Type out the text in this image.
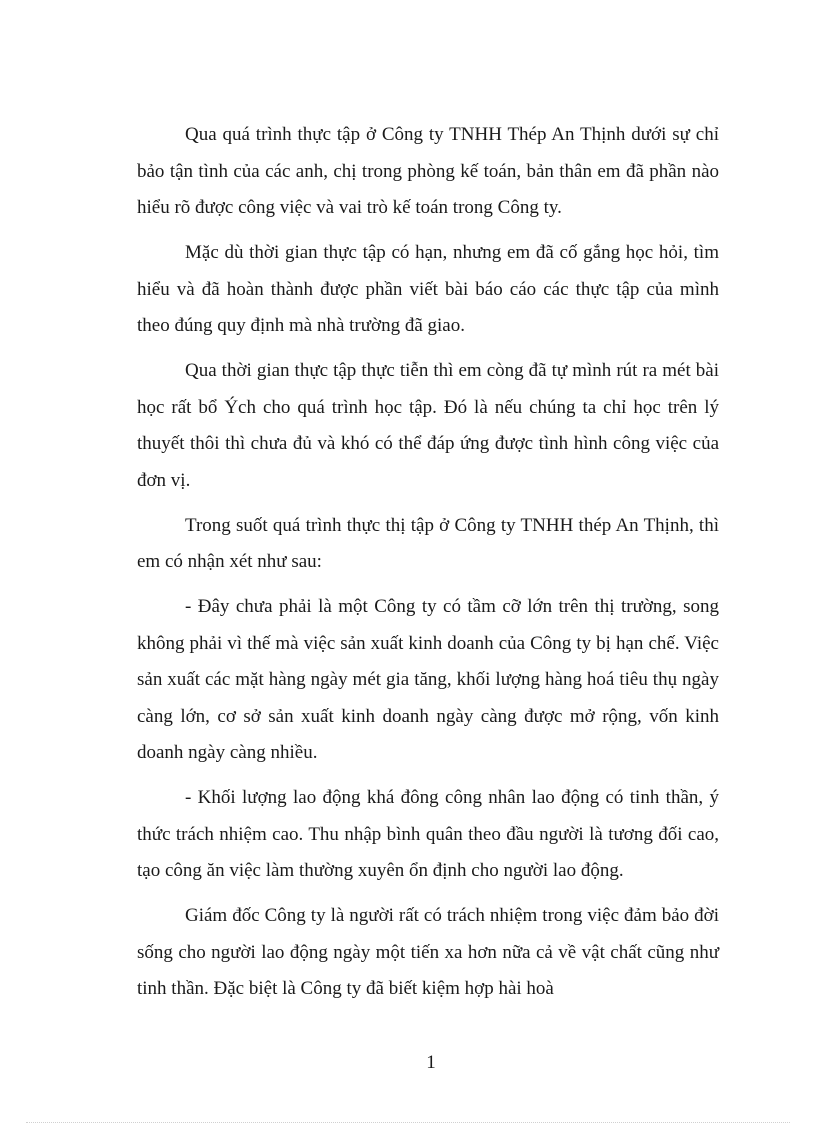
Qua quá trình thực tập ở Công ty TNHH Thép An Thịnh dưới sự chỉ bảo tận tình của các anh, chị trong phòng kế toán, bản thân em đã phần nào hiểu rõ được công việc và vai trò kế toán trong Công ty.

Mặc dù thời gian thực tập có hạn, nhưng em đã cố gắng học hỏi, tìm hiểu và đã hoàn thành được phần viết bài báo cáo các thực tập của mình theo đúng quy định mà nhà trường đã giao.

Qua thời gian thực tập thực tiễn thì em còng đã tự mình rút ra mét bài học rất bổ Ých cho quá trình học tập. Đó là nếu chúng ta chỉ học trên lý thuyết thôi thì chưa đủ và khó có thể đáp ứng được tình hình công việc của đơn vị.

Trong suốt quá trình thực thị tập ở Công ty TNHH thép An Thịnh, thì em có nhận xét như sau:

- Đây chưa phải là một Công ty có tầm cỡ lớn trên thị trường, song không phải vì thế mà việc sản xuất kinh doanh của Công ty bị hạn chế. Việc sản xuất các mặt hàng ngày mét gia tăng, khối lượng hàng hoá tiêu thụ ngày càng lớn, cơ sở sản xuất kinh doanh ngày càng được mở rộng, vốn kinh doanh ngày càng nhiều.

- Khối lượng lao động khá đông công nhân lao động có tinh thần, ý thức trách nhiệm cao. Thu nhập bình quân theo đầu người là tương đối cao, tạo công ăn việc làm thường xuyên ổn định cho người lao động.

Giám đốc Công ty là người rất có trách nhiệm trong việc đảm bảo đời sống cho người lao động ngày một tiến xa hơn nữa cả về vật chất cũng như tinh thần. Đặc biệt là Công ty đã biết kiệm hợp hài hoà

1
